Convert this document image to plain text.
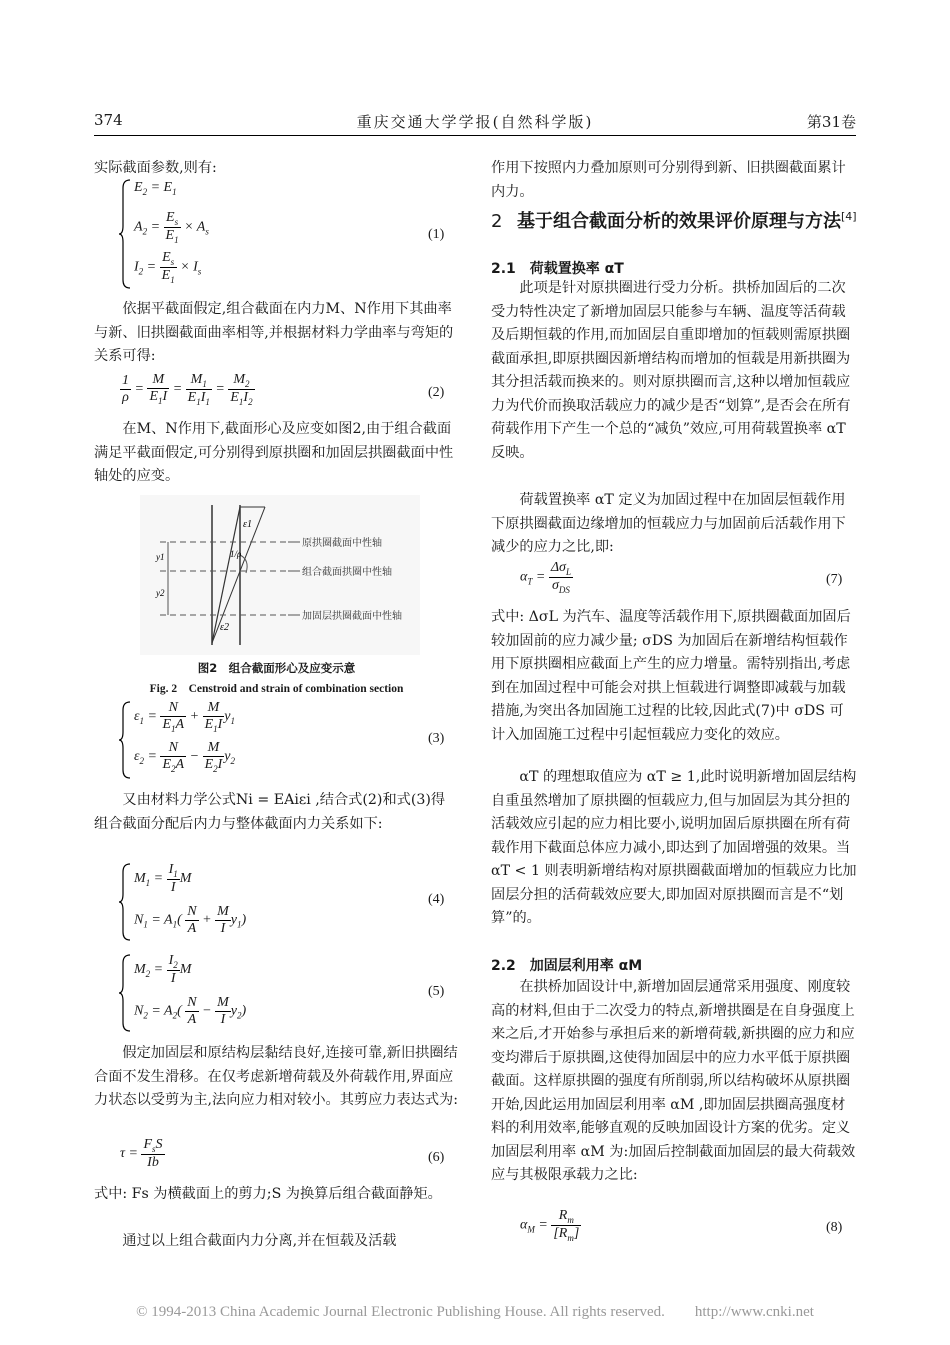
374	重庆交通大学学报(自然科学版)	第31卷
实际截面参数,则有:
$E_2 = E_1$
$A_2 = \frac{E_s}{E_1} \times A_s$
$I_2 = \frac{E_s}{E_1} \times I_s$
(1)
依据平截面假定,组合截面在内力M、N作用下其曲率与新、旧拱圈截面曲率相等,并根据材料力学曲率与弯矩的关系可得:
$\frac{1}{\rho} = \frac{M}{E_1I} = \frac{M_1}{E_1I_1} = \frac{M_2}{E_1I_2}$	(2)
在M、N作用下,截面形心及应变如图2,由于组合截面满足平截面假定,可分别得到原拱圈和加固层拱圈截面中性轴处的应变。
ε1
1/ρ
ε2
y1
y2
原拱圈截面中性轴
组合截面拱圈中性轴
加固层拱圈截面中性轴
图2　组合截面形心及应变示意
Fig. 2　Censtroid and strain of combination section
$\varepsilon_1 = \frac{N}{E_1A} + \frac{M}{E_1I} y_1$
$\varepsilon_2 = \frac{N}{E_2A} - \frac{M}{E_2I} y_2$
(3)
又由材料力学公式Ni = EAiεi ,结合式(2)和式(3)得组合截面分配后内力与整体截面内力关系如下:
$M_1 = \frac{I_1}{I}$ M
$N_1 = A_1( \frac{N}{A} + \frac{M}{I} y_1)$
(4)
$M_2 = \frac{I_2}{I}$ M
$N_2 = A_2( \frac{N}{A} - \frac{M}{I} y_2)$
(5)
假定加固层和原结构层黏结良好,连接可靠,新旧拱圈结合面不发生滑移。在仅考虑新增荷载及外荷载作用,界面应力状态以受剪为主,法向应力相对较小。其剪应力表达式为:
$\tau = \frac{F_sS}{Ib}$	(6)
式中: Fs 为横截面上的剪力;S 为换算后组合截面静矩。
通过以上组合截面内力分离,并在恒载及活载
作用下按照内力叠加原则可分别得到新、旧拱圈截面累计内力。
2 基于组合截面分析的效果评价原理与方法[4]
2.1　荷载置换率 αT
此项是针对原拱圈进行受力分析。拱桥加固后的二次受力特性决定了新增加固层只能参与车辆、温度等活荷载及后期恒载的作用,而加固层自重即增加的恒载则需原拱圈截面承担,即原拱圈因新增结构而增加的恒载是用新拱圈为其分担活载而换来的。则对原拱圈而言,这种以增加恒载应力为代价而换取活载应力的减少是否“划算”,是否会在所有荷载作用下产生一个总的“减负”效应,可用荷载置换率 αT 反映。
荷载置换率 αT 定义为加固过程中在加固层恒载作用下原拱圈截面边缘增加的恒载应力与加固前后活载作用下减少的应力之比,即:
$\alpha_T = \frac{\Delta\sigma_L}{\sigma_{DS}}$	(7)
式中: ΔσL 为汽车、温度等活载作用下,原拱圈截面加固后较加固前的应力减少量; σDS 为加固后在新增结构恒载作用下原拱圈相应截面上产生的应力增量。需特别指出,考虑到在加固过程中可能会对拱上恒载进行调整即减载与加载措施,为突出各加固施工过程的比较,因此式(7)中 σDS 可计入加固施工过程中引起恒载应力变化的效应。
αT 的理想取值应为 αT ≥ 1,此时说明新增加固层结构自重虽然增加了原拱圈的恒载应力,但与加固层为其分担的活载效应引起的应力相比要小,说明加固后原拱圈在所有荷载作用下截面总体应力减小,即达到了加固增强的效果。当 αT < 1 则表明新增结构对原拱圈截面增加的恒载应力比加固层分担的活荷载效应要大,即加固对原拱圈而言是不“划算”的。
2.2　加固层利用率 αM
在拱桥加固设计中,新增加固层通常采用强度、刚度较高的材料,但由于二次受力的特点,新增拱圈是在自身强度上来之后,才开始参与承担后来的新增荷载,新拱圈的应力和应变均滞后于原拱圈,这使得加固层中的应力水平低于原拱圈截面。这样原拱圈的强度有所削弱,所以结构破坏从原拱圈开始,因此运用加固层利用率 αM ,即加固层拱圈高强度材料的利用效率,能够直观的反映加固设计方案的优劣。定义加固层利用率 αM 为:加固后控制截面加固层的最大荷载效应与其极限承载力之比:
$\alpha_M = \frac{R_m}{[R_m]}$	(8)
© 1994-2013 China Academic Journal Electronic Publishing House. All rights reserved.　　http://www.cnki.net
